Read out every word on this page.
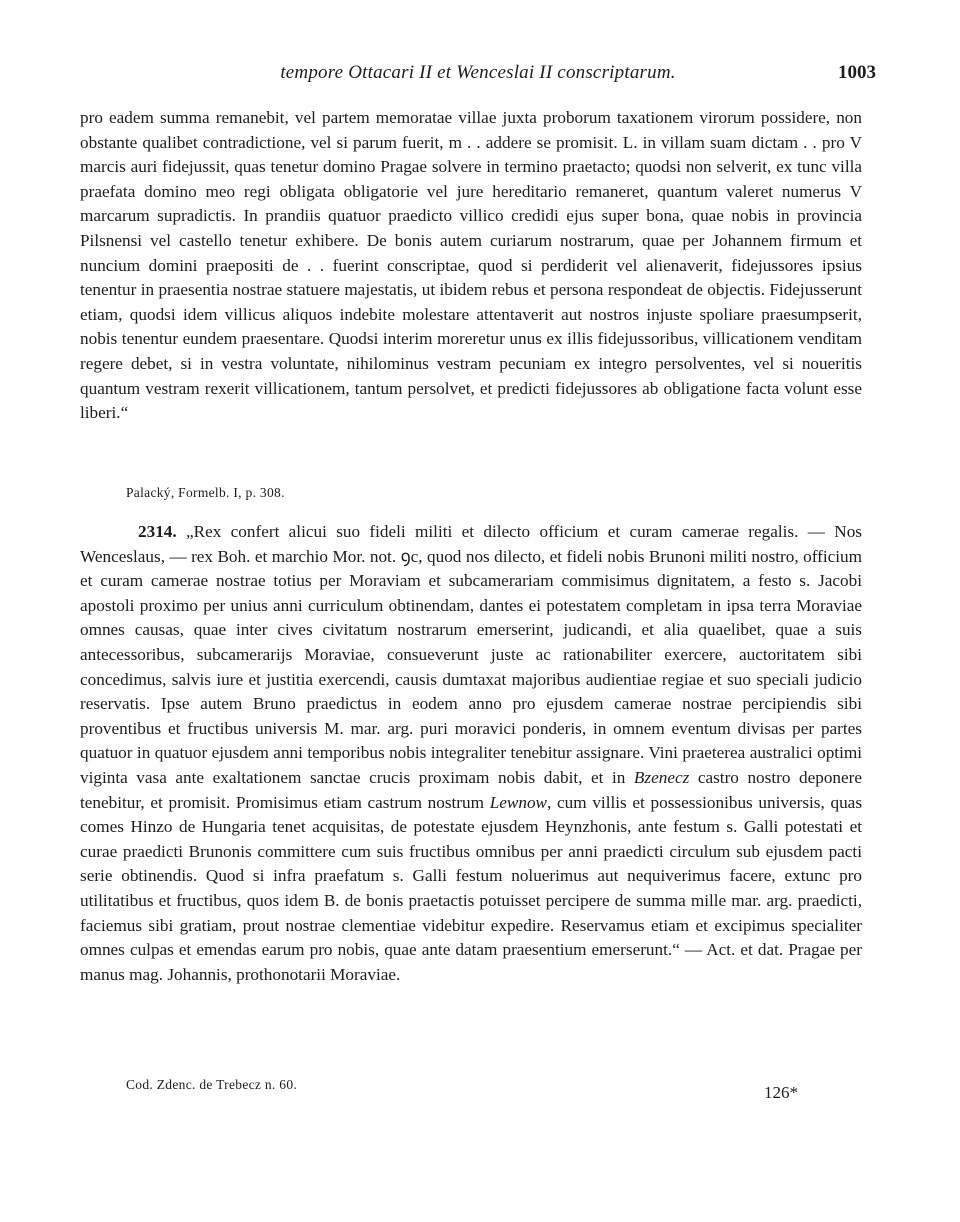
tempore Ottacari II et Wenceslai II conscriptarum.	1003

pro eadem summa remanebit, vel partem memoratae villae juxta proborum taxationem virorum possidere, non obstante qualibet contradictione, vel si parum fuerit, m . . addere se promisit. L. in villam suam dictam . . pro V marcis auri fidejussit, quas tenetur domino Pragae solvere in termino praetacto; quodsi non selverit, ex tunc villa praefata domino meo regi obligata obligatorie vel jure hereditario remaneret, quantum valeret numerus V marcarum supradictis. In prandiis quatuor praedicto villico credidi ejus super bona, quae nobis in provincia Pilsnensi vel castello tenetur exhibere. De bonis autem curiarum nostrarum, quae per Johannem firmum et nuncium domini praepositi de . . fuerint conscriptae, quod si perdiderit vel alienaverit, fidejussores ipsius tenentur in praesentia nostrae statuere majestatis, ut ibidem rebus et persona respondeat de objectis. Fidejusserunt etiam, quodsi idem villicus aliquos indebite molestare attentaverit aut nostros injuste spoliare praesumpserit, nobis tenentur eundem praesentare. Quodsi interim moreretur unus ex illis fidejussoribus, villicationem venditam regere debet, si in vestra voluntate, nihilominus vestram pecuniam ex integro persolventes, vel si noueritis quantum vestram rexerit villicationem, tantum persolvet, et predicti fidejussores ab obligatione facta volunt esse liberi.“

Palacký, Formelb. I, p. 308.

2314. „Rex confert alicui suo fideli militi et dilecto officium et curam camerae regalis. — Nos Wenceslaus, — rex Boh. et marchio Mor. not. ꝯc, quod nos dilecto, et fideli nobis Brunoni militi nostro, officium et curam camerae nostrae totius per Moraviam et subcamerariam commisimus dignitatem, a festo s. Jacobi apostoli proximo per unius anni curriculum obtinendam, dantes ei potestatem completam in ipsa terra Moraviae omnes causas, quae inter cives civitatum nostrarum emerserint, judicandi, et alia quaelibet, quae a suis antecessoribus, subcamerarijs Moraviae, consueverunt juste ac rationabiliter exercere, auctoritatem sibi concedimus, salvis iure et justitia exercendi, causis dumtaxat majoribus audientiae regiae et suo speciali judicio reservatis. Ipse autem Bruno praedictus in eodem anno pro ejusdem camerae nostrae percipiendis sibi proventibus et fructibus universis M. mar. arg. puri moravici ponderis, in omnem eventum divisas per partes quatuor in quatuor ejusdem anni temporibus nobis integraliter tenebitur assignare. Vini praeterea australici optimi viginta vasa ante exaltationem sanctae crucis proximam nobis dabit, et in Bzenecz castro nostro deponere tenebitur, et promisit. Promisimus etiam castrum nostrum Lewnow, cum villis et possessionibus universis, quas comes Hinzo de Hungaria tenet acquisitas, de potestate ejusdem Heynzhonis, ante festum s. Galli potestati et curae praedicti Brunonis committere cum suis fructibus omnibus per anni praedicti circulum sub ejusdem pacti serie obtinendis. Quod si infra praefatum s. Galli festum noluerimus aut nequiverimus facere, extunc pro utilitatibus et fructibus, quos idem B. de bonis praetactis potuisset percipere de summa mille mar. arg. praedicti, faciemus sibi gratiam, prout nostrae clementiae videbitur expedire. Reservamus etiam et excipimus specialiter omnes culpas et emendas earum pro nobis, quae ante datam praesentium emerserunt.“ — Act. et dat. Pragae per manus mag. Johannis, prothonotarii Moraviae.

Cod. Zdenc. de Trebecz n. 60.	126*
